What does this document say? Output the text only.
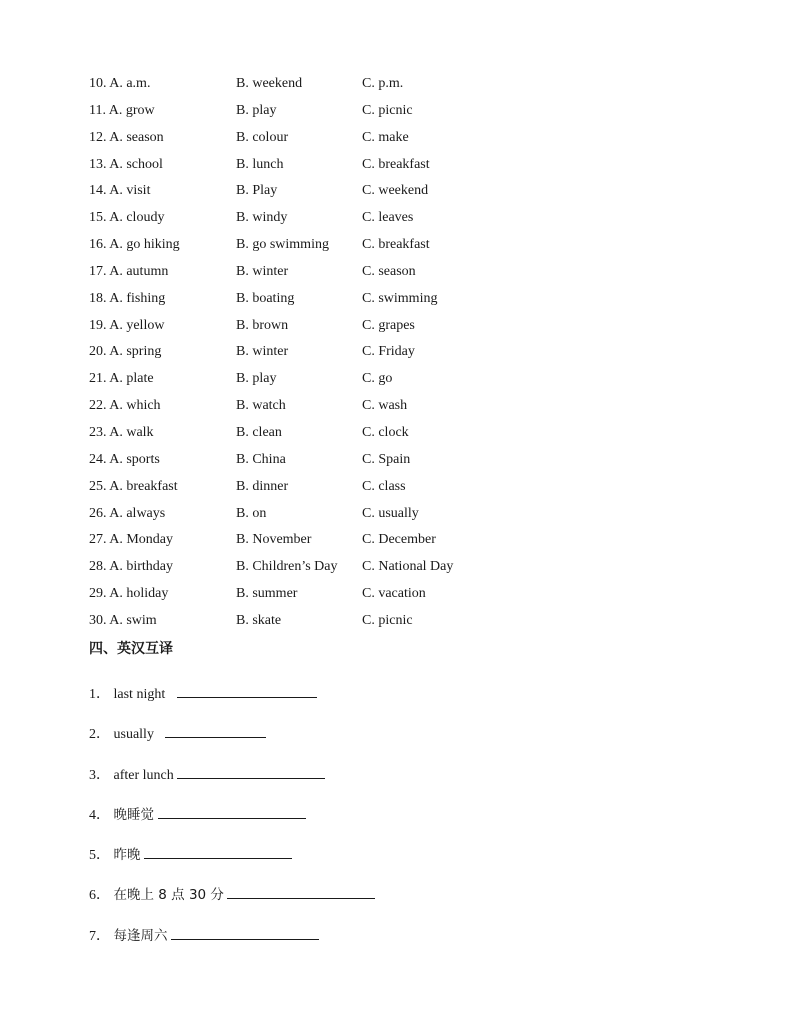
10. A. a.m.	B. weekend	C. p.m.
11. A. grow	B. play	C. picnic
12. A. season	B. colour	C. make
13. A. school	B. lunch	C. breakfast
14. A. visit	B. Play	C. weekend
15. A. cloudy	B. windy	C. leaves
16. A. go hiking	B. go swimming C. breakfast
17. A. autumn	B. winter	C. season
18. A. fishing	B. boating	C. swimming
19. A. yellow	B. brown	C. grapes
20. A. spring	B. winter	C. Friday
21. A. plate	B. play	C. go
22. A. which	B. watch	C. wash
23. A. walk	B. clean	C. clock
24. A. sports	B. China	C. Spain
25. A. breakfast	B. dinner	C. class
26. A. always	B. on	C. usually
27. A. Monday	B. November	C. December
28. A. birthday	B. Children’s Day C. National Day
29. A. holiday	B. summer	C. vacation
30. A. swim	B. skate	C. picnic
四、英汉互译
1． last night
2． usually
3． after lunch
4． 晚睡觉
5． 昨晚
6． 在晚上 8 点 30 分
7． 每逢周六
